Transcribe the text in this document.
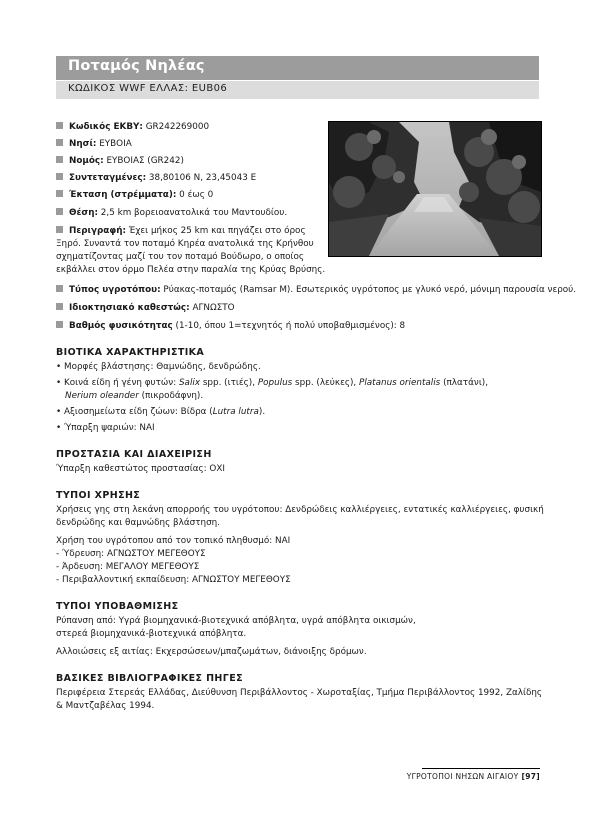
Ποταμός Νηλέας
ΚΩΔΙΚΟΣ WWF ΕΛΛΑΣ: EUB06
Κωδικός ΕΚΒΥ: GR242269000
Νησί: ΕΥΒΟΙΑ
Νομός: ΕΥΒΟΙΑΣ (GR242)
Συντεταγμένες: 38,80106 N, 23,45043 E
Έκταση (στρέμματα): 0 έως 0
Θέση: 2,5 km βορειοανατολικά του Μαντουδίου.
Περιγραφή: Έχει μήκος 25 km και πηγάζει στο όρος
Ξηρό. Συναντά τον ποταμό Κηρέα ανατολικά της Κρήνθου
σχηματίζοντας μαζί του τον ποταμό Βούδωρο, ο οποίος
εκβάλλει στον όρμο Πελέα στην παραλία της Κρύας Βρύσης.
Τύπος υγροτόπου: Ρύακας-ποταμός (Ramsar M). Εσωτερικός υγρότοπος με γλυκό νερό, μόνιμη παρουσία νερού.
Ιδιοκτησιακό καθεστώς: ΑΓΝΩΣΤΟ
Βαθμός φυσικότητας (1-10, όπου 1=τεχνητός ή πολύ υποβαθμισμένος): 8
ΒΙΟΤΙΚΑ ΧΑΡΑΚΤΗΡΙΣΤΙΚΑ
• Μορφές βλάστησης: Θαμνώδης, δενδρώδης.
• Κοινά είδη ή γένη φυτών: Salix spp. (ιτιές), Populus spp. (λεύκες), Platanus orientalis (πλατάνι),
Nerium oleander (πικροδάφνη).
• Αξιοσημείωτα είδη ζώων: Βίδρα (Lutra lutra).
• Ύπαρξη ψαριών: ΝΑΙ
ΠΡΟΣΤΑΣΙΑ ΚΑΙ ΔΙΑΧΕΙΡΙΣΗ
Ύπαρξη καθεστώτος προστασίας: ΟΧΙ
ΤΥΠΟΙ ΧΡΗΣΗΣ
Χρήσεις γης στη λεκάνη απορροής του υγρότοπου: Δενδρώδεις καλλιέργειες, εντατικές καλλιέργειες, φυσική
δενδρώδης και θαμνώδης βλάστηση.
Χρήση του υγρότοπου από τον τοπικό πληθυσμό: ΝΑΙ
- Ύδρευση: ΑΓΝΩΣΤΟΥ ΜΕΓΕΘΟΥΣ
- Άρδευση: ΜΕΓΑΛΟΥ ΜΕΓΕΘΟΥΣ
- Περιβαλλοντική εκπαίδευση: ΑΓΝΩΣΤΟΥ ΜΕΓΕΘΟΥΣ
ΤΥΠΟΙ ΥΠΟΒΑΘΜΙΣΗΣ
Ρύπανση από: Υγρά βιομηχανικά-βιοτεχνικά απόβλητα, υγρά απόβλητα οικισμών,
στερεά βιομηχανικά-βιοτεχνικά απόβλητα.
Αλλοιώσεις εξ αιτίας: Εκχερσώσεων/μπαζωμάτων, διάνοιξης δρόμων.
ΒΑΣΙΚΕΣ ΒΙΒΛΙΟΓΡΑΦΙΚΕΣ ΠΗΓΕΣ
Περιφέρεια Στερεάς Ελλάδας, Διεύθυνση Περιβάλλοντος - Χωροταξίας, Τμήμα Περιβάλλοντος 1992, Ζαλίδης
& Μαντζαβέλας 1994.
ΥΓΡΟΤΟΠΟΙ ΝΗΣΩΝ ΑΙΓΑΙΟΥ [97]
